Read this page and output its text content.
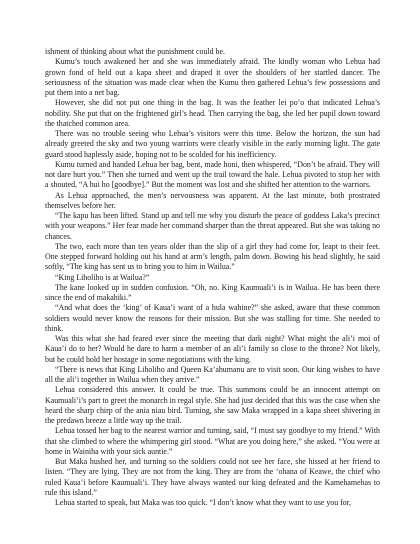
ishment of thinking about what the punishment could be.

Kumu’s touch awakened her and she was immediately afraid. The kindly woman who Lehua had grown fond of held out a kapa sheet and draped it over the shoulders of her startled dancer. The seriousness of the situation was made clear when the Kumu then gathered Lehua’s few possessions and put them into a net bag.

However, she did not put one thing in the bag. It was the feather lei po’o that indicated Lehua’s nobility. She put that on the frightened girl’s head. Then carrying the bag, she led her pupil down toward the thatched common area.

There was no trouble seeing who Lehua’s visitors were this time. Below the horizon, the sun had already greeted the sky and two young warriors were clearly visible in the early morning light. The gate guard stood haplessly aside, hoping not to be scolded for his inefficiency.

Kumu turned and handed Lehua her bag, bent, made honi, then whispered, “Don’t be afraid. They will not dare hurt you.” Then she turned and went up the trail toward the hale. Lehua pivoted to stop her with a shouted, “A hui ho [goodbye].” But the moment was lost and she shifted her attention to the warriors.

As Lehua approached, the men’s nervousness was apparent. At the last minute, both prostrated themselves before her.

“The kapu has been lifted. Stand up and tell me why you disturb the peace of goddess Laka’s precinct with your weapons.” Her fear made her command sharper than the threat appeared. But she was taking no chances.

The two, each more than ten years older than the slip of a girl they had come for, leapt to their feet. One stepped forward holding out his hand at arm’s length, palm down. Bowing his head slightly, he said softly, “The king has sent us to bring you to him in Wailua.”

“King Liholiho is at Wailua?”

The kane looked up in sudden confusion. “Oh, no. King Kaumuali’i is in Wailua. He has been there since the end of makahiki.”

“And what does the ‘king’ of Kaua’i want of a hula wahine?” she asked, aware that these common soldiers would never know the reasons for their mission. But she was stalling for time. She needed to think.

Was this what she had feared ever since the meeting that dark night? What might the ali’i moi of Kaua’i do to her? Would he dare to harm a member of an ali’i family so close to the throne? Not likely, but he could hold her hostage in some negotiations with the king.

“There is news that King Liholiho and Queen Ka’ahumanu are to visit soon. Our king wishes to have all the ali’i together in Wailua when they arrive.”

Lehua considered this answer. It could be true. This summons could be an innocent attempt on Kaumuali’i’s part to greet the monarch in regal style. She had just decided that this was the case when she heard the sharp chirp of the ania niau bird. Turning, she saw Maka wrapped in a kapa sheet shivering in the predawn breeze a little way up the trail.

Lehua tossed her bag to the nearest warrior and turning, said, “I must say goodbye to my friend.” With that she climbed to where the whimpering girl stood. “What are you doing here,” she asked. “You were at home in Wainiha with your sick auntie.”

But Maka hushed her, and turning so the soldiers could not see her face, she hissed at her friend to listen. “They are lying. They are not from the king. They are from the ‘ohana of Keawe, the chief who ruled Kaua’i before Kaumuali’i. They have always wanted our king defeated and the Kamehamehas to rule this island.”

Lehua started to speak, but Maka was too quick. “I don’t know what they want to use you for,
